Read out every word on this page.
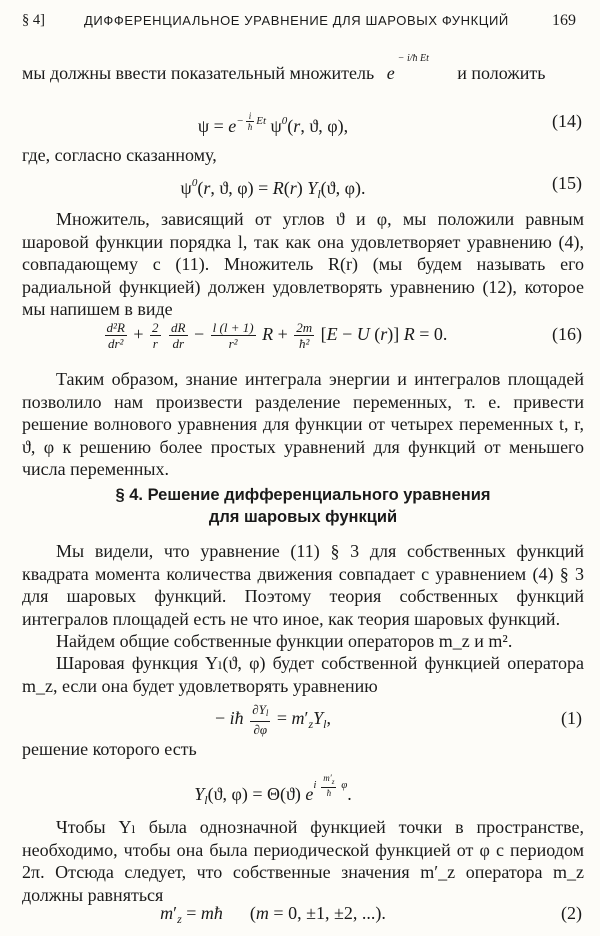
§ 4]	ДИФФЕРЕНЦИАЛЬНОЕ УРАВНЕНИЕ ДЛЯ ШАРОВЫХ ФУНКЦИЙ	169
мы должны ввести показательный множитель e
− i/ħ Et
и положить
$\psi = e^{- \frac{i}{ħ} Et}$ $\psi^0(r$, ϑ, φ),	(14)
где, согласно сказанному,
$\psi^0(r$, ϑ, φ) = R(r) $Y_l(ϑ$, φ).	(15)
Множитель, зависящий от углов ϑ и φ, мы положили равным шаровой функции порядка l, так как она удовлетворяет уравнению (4), совпадающему с (11). Множитель R(r) (мы будем называть его радиальной функцией) должен удовлетворять уравнению (12), которое мы напишем в виде
$\frac{\text{d²R}}{\text{dr²}} + \frac{2}{r}$
$\frac{dR}{dr} - \frac{l (l + 1)}{\text{r²}}$ $R + \frac{2m}{\text{ħ²}} [E - U$ (r)] R = 0.	(16)
Таким образом, знание интеграла энергии и интегралов площадей позволило нам произвести разделение переменных, т. е. привести решение волнового уравнения для функции от четырех переменных t, r, ϑ, φ к решению более простых уравнений для функций от меньшего числа переменных.
§ 4. Решение дифференциального уравнения
для шаровых функций
Мы видели, что уравнение (11) § 3 для собственных функций квадрата момента количества движения совпадает с уравнением (4) § 3 для шаровых функций. Поэтому теория собственных функций интегралов площадей есть не что иное, как теория шаровых функций.
Найдем общие собственные функции операторов m_z и m².
Шаровая функция Yₗ(ϑ, φ) будет собственной функцией оператора m_z, если она будет удовлетворять уравнению
− iħ $\frac{\partial Yl}{\partial\varphi} = m'_zY_l$,	(1)
решение которого есть
$Y_l(ϑ$, φ) = Θ(ϑ) $e^{i \frac{m'_z}{ħ} \varphi}$.
Чтобы Yₗ была однозначной функцией точки в пространстве, необходимо, чтобы она была периодической функцией от φ с периодом 2π. Отсюда следует, что собственные значения m′_z оператора m_z должны равняться
$m'_z$ = mħ      (m = 0, ±1, ±2, ...).	(2)
